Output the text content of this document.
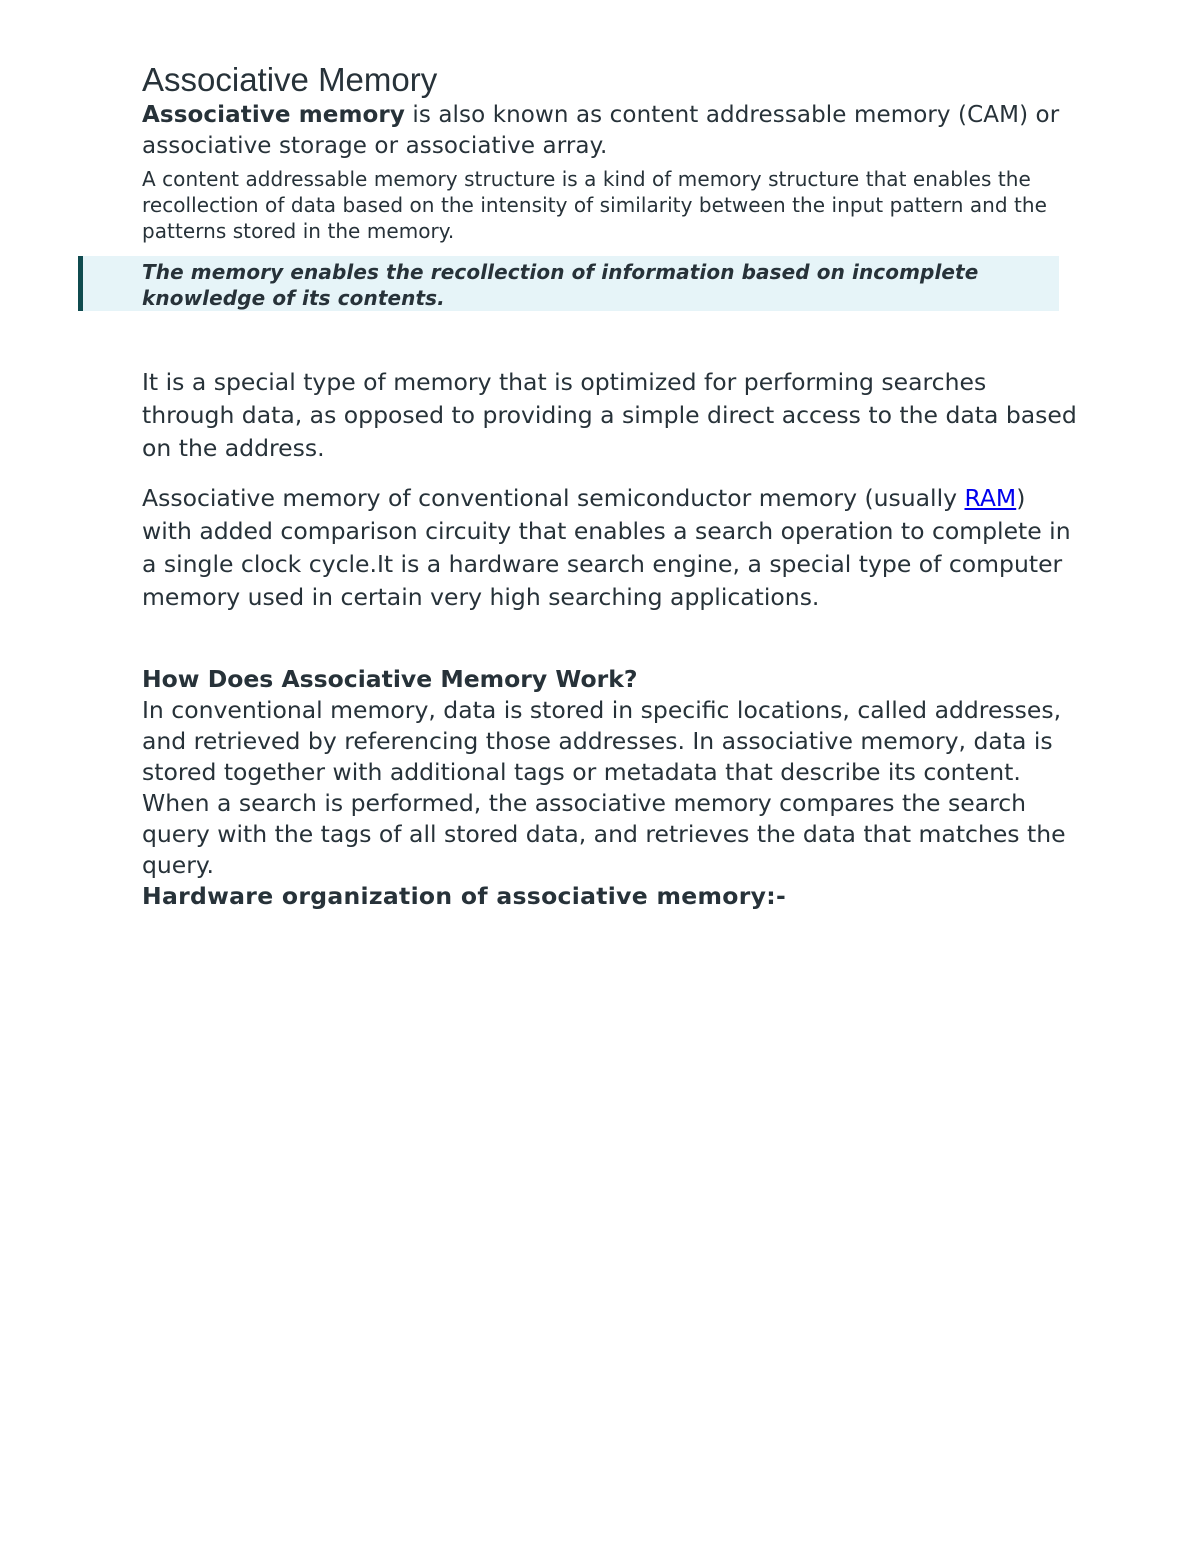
Associative Memory

Associative memory is also known as content addressable memory (CAM) or associative storage or associative array.

A content addressable memory structure is a kind of memory structure that enables the recollection of data based on the intensity of similarity between the input pattern and the patterns stored in the memory.

The memory enables the recollection of information based on incomplete knowledge of its contents.

It is a special type of memory that is optimized for performing searches through data, as opposed to providing a simple direct access to the data based on the address.

Associative memory of conventional semiconductor memory (usually RAM) with added comparison circuity that enables a search operation to complete in a single clock cycle.It is a hardware search engine, a special type of computer memory used in certain very high searching applications.

How Does Associative Memory Work?

In conventional memory, data is stored in specific locations, called addresses, and retrieved by referencing those addresses. In associative memory, data is stored together with additional tags or metadata that describe its content. When a search is performed, the associative memory compares the search query with the tags of all stored data, and retrieves the data that matches the query.

Hardware organization of associative memory:-
